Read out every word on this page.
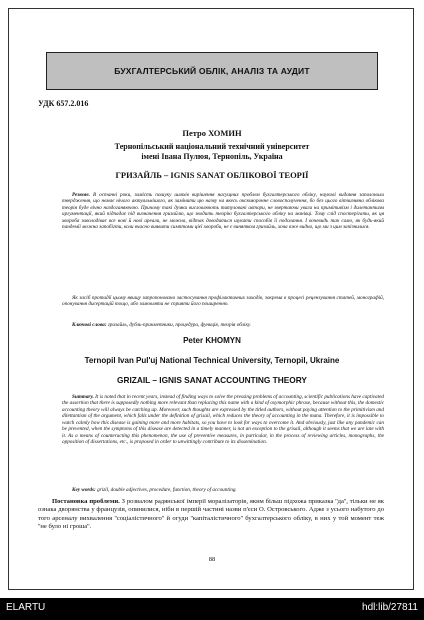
БУХГАЛТЕРСЬКИЙ ОБЛІК, АНАЛІЗ ТА АУДИТ
УДК 657.2.016
Петро ХОМИН
Тернопільський національний технічний університет
імені Івана Пулюя, Тернопіль, Україна
ГРИЗАЙЛЬ – IGNIS SANAT ОБЛІКОВОЇ ТЕОРІЇ
Резюме. В останні роки, замість пошуку шляхів вирішення насущних проблем бухгалтерського обліку, наукові видання заполонили твердження, що немає нічого актуальнішого, як замінити цю назву на якесь оксюморонне словосполучення, бо без цього вітчизняна облікова теорія буде вічно наздоганяючою. Причому такі думки висловлюють титуловані автори, не звертаючи уваги на примітивізм і дилетантизм аргументації, який підпадає під визначення гризайлю, що зводить теорію бухгалтерського обліку на манівці. Тому слід спостерігати, як ця хвороба заволодіває все нові й нові ареали, не можна, відтак доводиться шукати способів її подолання. І вочевидь так само, як будь-який пандемії можна запобігти, коли вчасно виявити симптоми цієї хвороби, не є винятком гризайль, хоча вже видно, що ми з цим запізнилися.
Як засіб протидії цьому явищу запропоновано застосування профілактичних заходів, зокрема в процесі рецензування статей, монографій, опонування дисертацій тощо, або замовляти не сприяти його поширенню.
Ключові слова: гризайль, дубль-прикметники, процедура, функція, теорія обліку.
Peter KHOMYN
Ternopil Ivan Pul'uj National Technical University, Ternopil, Ukraine
GRIZAIL – IGNIS SANAT ACCOUNTING THEORY
Summary. It is noted that in recent years, instead of finding ways to solve the pressing problems of accounting, scientific publications have captivated the assertion that there is supposedly nothing more relevant than replacing this name with a kind of oxymorphic phrase, because without this, the domestic accounting theory will always be catching up. Moreover, such thoughts are expressed by the titled authors, without paying attention to the primitivism and dilettantism of the argument, which falls under the definition of grisail, which reduces the theory of accounting in the mana. Therefore, it is impossible to watch calmly how this disease is gaining more and more habitats, so you have to look for ways to overcome it. And obviously, just like any pandemic can be prevented, when the symptoms of this disease are detected in a timely manner, is not an exception to the grisail, although it seems that we are late with it. As a means of counteracting this phenomenon, the use of preventive measures, in particular, in the process of reviewing articles, monographs, the opposition of dissertations, etc., is proposed in order to unwittingly contribute to its dissemination.
Key words: grizil, double adjectives, procedure, function, theory of accounting.
Постановка проблеми. З розвалом радянської імперії моралізаторів, яким більш підхожа приказка ''да'', тільки не як ознака дворянства у французів, опинилися, ніби в першій частині назви п'єси О. Островського. Адже з усього набутого до того арсеналу вихвалення ''соціалістичного'' й огуди ''капіталістичного'' бухгалтерського обліку, в них у той момент теж ''не було ні гроша''.
88
ELARTU	hdl:lib/27811
